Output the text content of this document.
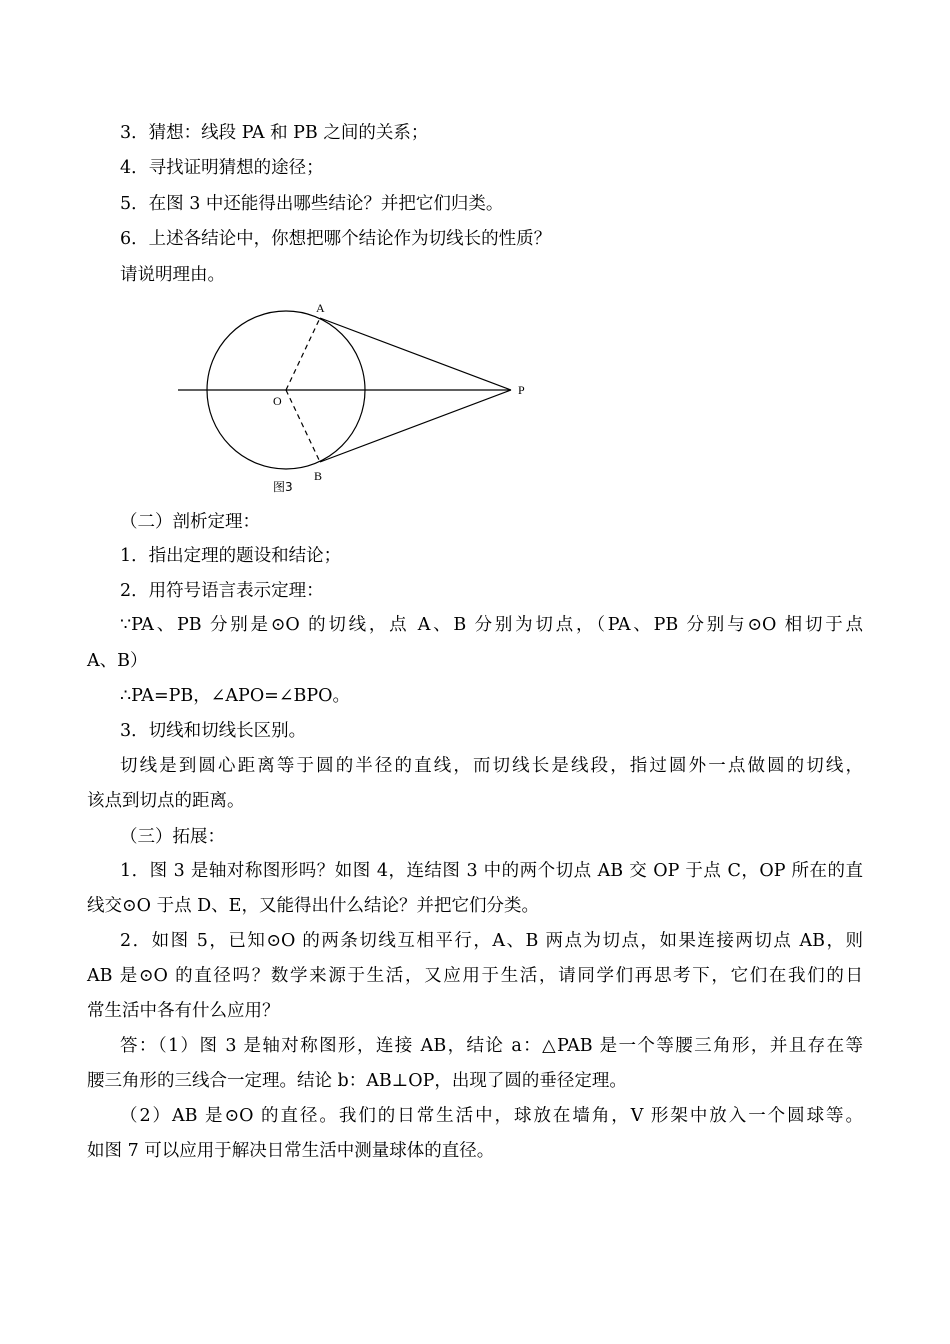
3．猜想：线段 PA 和 PB 之间的关系；
4．寻找证明猜想的途径；
5．在图 3 中还能得出哪些结论？并把它们归类。
6．上述各结论中，你想把哪个结论作为切线长的性质？
请说明理由。
A
B
O
P
图3
（二）剖析定理：
1．指出定理的题设和结论；
2．用符号语言表示定理：
∵PA、PB 分别是⊙O 的切线，点 A、B 分别为切点，（PA、PB 分别与⊙O 相切于点
A、B）
∴PA=PB，∠APO=∠BPO。
3．切线和切线长区别。
切线是到圆心距离等于圆的半径的直线，而切线长是线段，指过圆外一点做圆的切线，
该点到切点的距离。
（三）拓展：
1．图 3 是轴对称图形吗？如图 4，连结图 3 中的两个切点 AB 交 OP 于点 C，OP 所在的直
线交⊙O 于点 D、E，又能得出什么结论？并把它们分类。
2．如图 5，已知⊙O 的两条切线互相平行，A、B 两点为切点，如果连接两切点 AB，则
AB 是⊙O 的直径吗？数学来源于生活，又应用于生活，请同学们再思考下，它们在我们的日
常生活中各有什么应用？
答：（1）图 3 是轴对称图形，连接 AB，结论 a：△PAB 是一个等腰三角形，并且存在等
腰三角形的三线合一定理。结论 b：AB⊥OP，出现了圆的垂径定理。
（2）AB 是⊙O 的直径。我们的日常生活中，球放在墙角，V 形架中放入一个圆球等。
如图 7 可以应用于解决日常生活中测量球体的直径。
